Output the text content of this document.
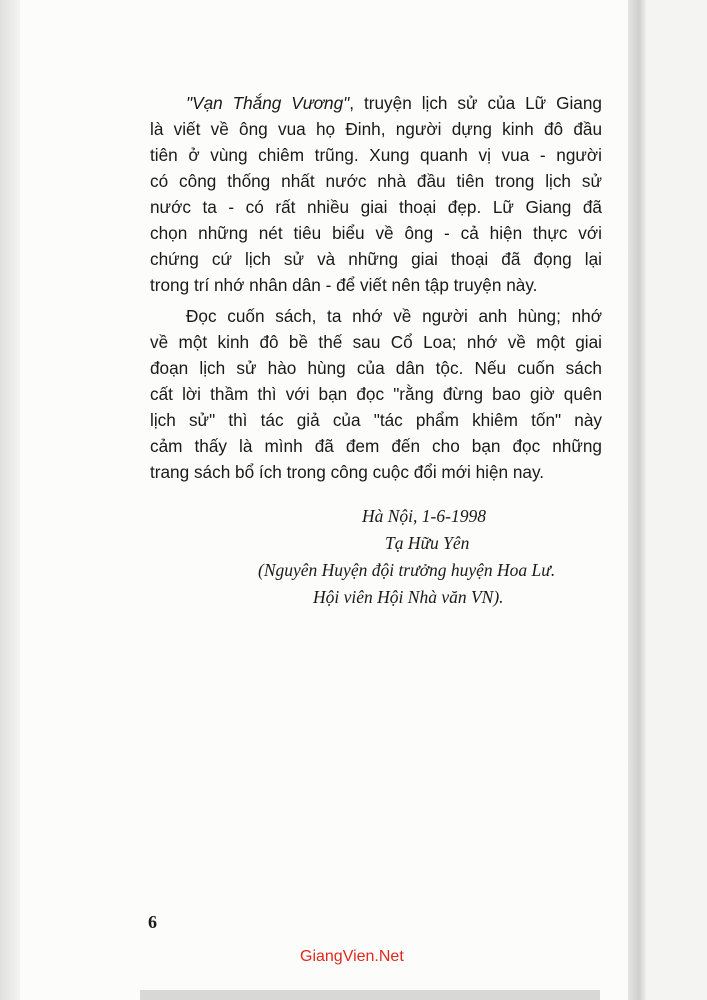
"Vạn Thắng Vương", truyện lịch sử của Lữ Giang
là viết về ông vua họ Đinh, người dựng kinh đô đầu
tiên ở vùng chiêm trũng. Xung quanh vị vua - người
có công thống nhất nước nhà đầu tiên trong lịch sử
nước ta - có rất nhiều giai thoại đẹp. Lữ Giang đã
chọn những nét tiêu biểu về ông - cả hiện thực với
chứng cứ lịch sử và những giai thoại đã đọng lại
trong trí nhớ nhân dân - để viết nên tập truyện này.
Đọc cuốn sách, ta nhớ về người anh hùng; nhớ
về một kinh đô bề thế sau Cổ Loa; nhớ về một giai
đoạn lịch sử hào hùng của dân tộc. Nếu cuốn sách
cất lời thầm thì với bạn đọc "rằng đừng bao giờ quên
lịch sử" thì tác giả của "tác phẩm khiêm tốn" này
cảm thấy là mình đã đem đến cho bạn đọc những
trang sách bổ ích trong công cuộc đổi mới hiện nay.
Hà Nội, 1-6-1998
Tạ Hữu Yên
(Nguyên Huyện đội trưởng huyện Hoa Lư.
Hội viên Hội Nhà văn VN).
6
GiangVien.Net
